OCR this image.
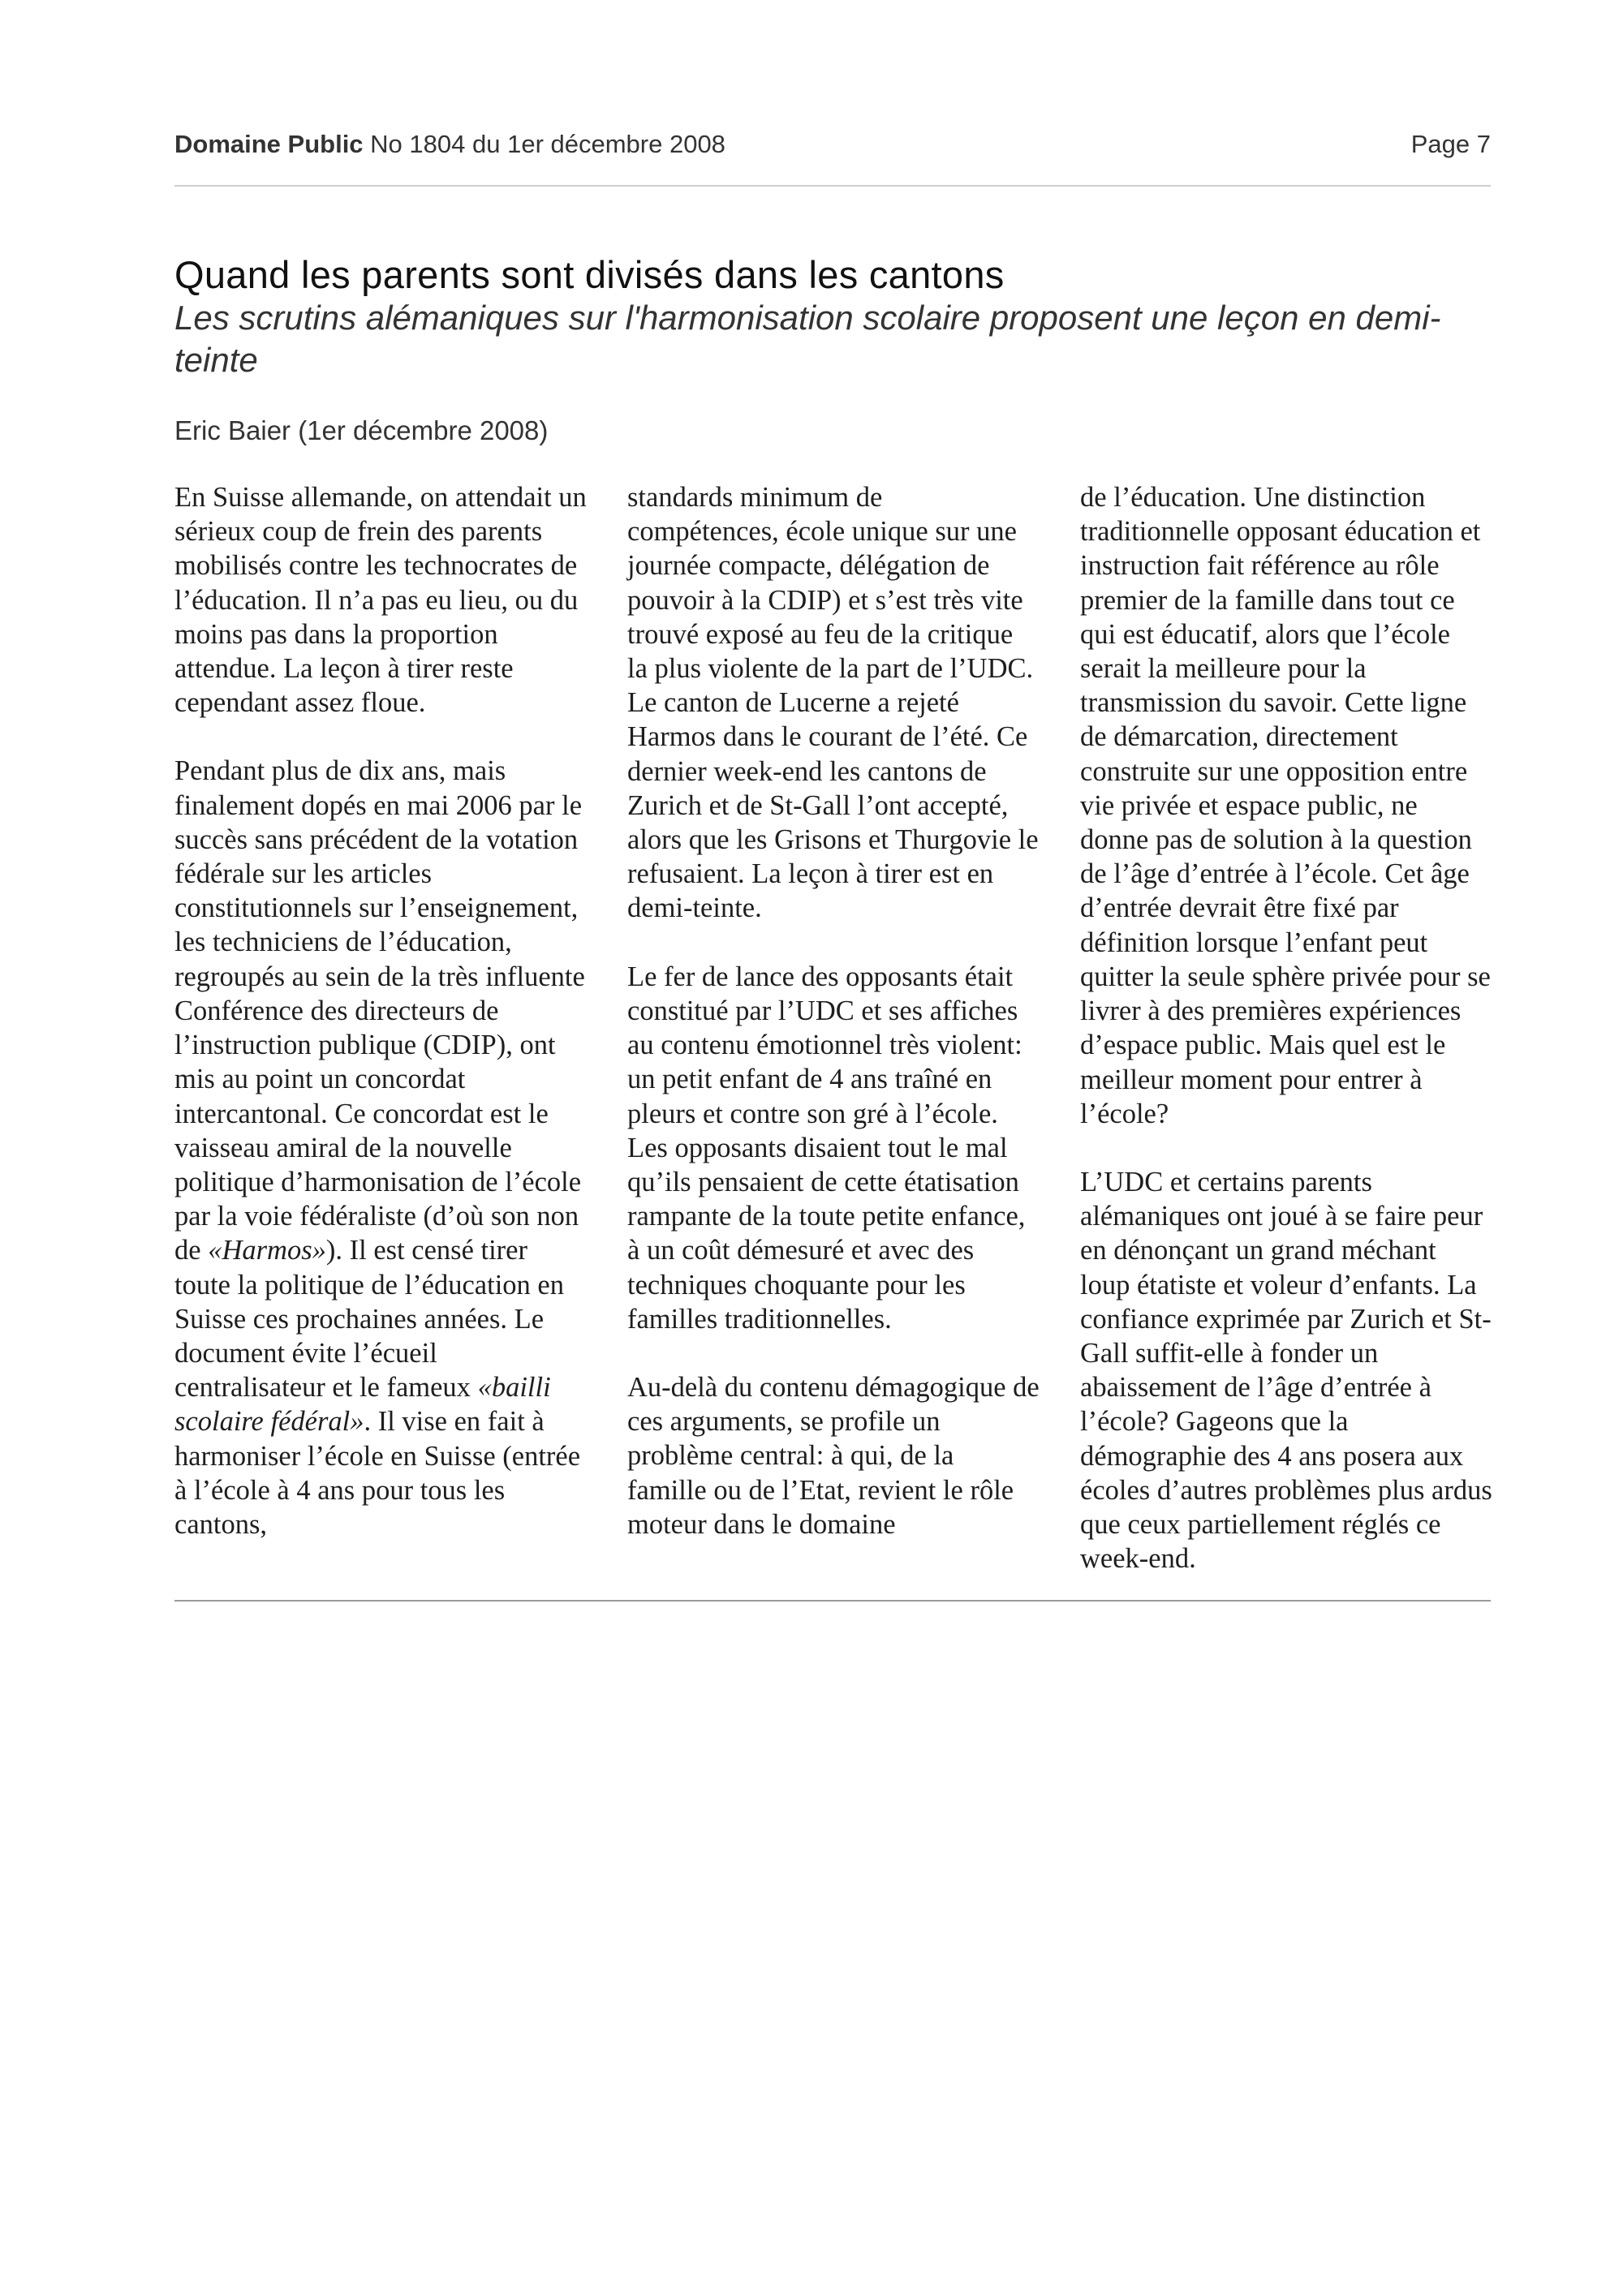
Domaine Public No 1804 du 1er décembre 2008	Page 7
Quand les parents sont divisés dans les cantons

Les scrutins alémaniques sur l'harmonisation scolaire proposent une leçon en demi-teinte

Eric Baier (1er décembre 2008)

En Suisse allemande, on attendait un sérieux coup de frein des parents mobilisés contre les technocrates de l’éducation. Il n’a pas eu lieu, ou du moins pas dans la proportion attendue. La leçon à tirer reste cependant assez floue.

Pendant plus de dix ans, mais finalement dopés en mai 2006 par le succès sans précédent de la votation fédérale sur les articles constitutionnels sur l’enseignement, les techniciens de l’éducation, regroupés au sein de la très influente Conférence des directeurs de l’instruction publique (CDIP), ont mis au point un concordat intercantonal. Ce concordat est le vaisseau amiral de la nouvelle politique d’harmonisation de l’école par la voie fédéraliste (d’où son non de «Harmos»). Il est censé tirer toute la politique de l’éducation en Suisse ces prochaines années. Le document évite l’écueil centralisateur et le fameux «bailli scolaire fédéral». Il vise en fait à harmoniser l’école en Suisse (entrée à l’école à 4 ans pour tous les cantons,

standards minimum de compétences, école unique sur une journée compacte, délégation de pouvoir à la CDIP) et s’est très vite trouvé exposé au feu de la critique la plus violente de la part de l’UDC. Le canton de Lucerne a rejeté Harmos dans le courant de l’été. Ce dernier week-end les cantons de Zurich et de St-Gall l’ont accepté, alors que les Grisons et Thurgovie le refusaient. La leçon à tirer est en demi-teinte.

Le fer de lance des opposants était constitué par l’UDC et ses affiches au contenu émotionnel très violent: un petit enfant de 4 ans traîné en pleurs et contre son gré à l’école. Les opposants disaient tout le mal qu’ils pensaient de cette étatisation rampante de la toute petite enfance, à un coût démesuré et avec des techniques choquante pour les familles traditionnelles.

Au-delà du contenu démagogique de ces arguments, se profile un problème central: à qui, de la famille ou de l’Etat, revient le rôle moteur dans le domaine

de l’éducation. Une distinction traditionnelle opposant éducation et instruction fait référence au rôle premier de la famille dans tout ce qui est éducatif, alors que l’école serait la meilleure pour la transmission du savoir. Cette ligne de démarcation, directement construite sur une opposition entre vie privée et espace public, ne donne pas de solution à la question de l’âge d’entrée à l’école. Cet âge d’entrée devrait être fixé par définition lorsque l’enfant peut quitter la seule sphère privée pour se livrer à des premières expériences d’espace public. Mais quel est le meilleur moment pour entrer à l’école?

L’UDC et certains parents alémaniques ont joué à se faire peur en dénonçant un grand méchant loup étatiste et voleur d’enfants. La confiance exprimée par Zurich et St-Gall suffit-elle à fonder un abaissement de l’âge d’entrée à l’école? Gageons que la démographie des 4 ans posera aux écoles d’autres problèmes plus ardus que ceux partiellement réglés ce week-end.
